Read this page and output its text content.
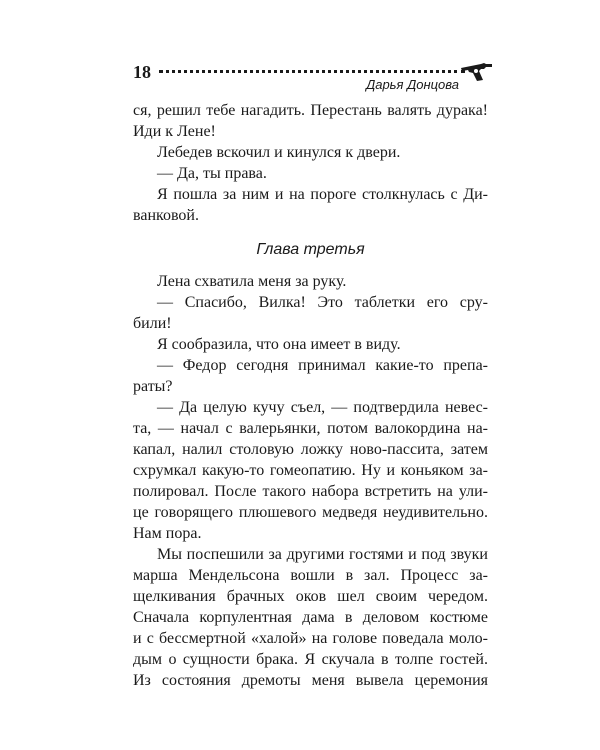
18
Дарья Донцова
ся, решил тебе нагадить. Перестань валять дурака!
Иди к Лене!
Лебедев вскочил и кинулся к двери.
— Да, ты права.
Я пошла за ним и на пороге столкнулась с Ди-
ванковой.
Глава третья
Лена схватила меня за руку.
— Спасибо, Вилка! Это таблетки его сру-
били!
Я сообразила, что она имеет в виду.
— Федор сегодня принимал какие-то препа-
раты?
— Да целую кучу съел, — подтвердила невес-
та, — начал с валерьянки, потом валокордина на-
капал, налил столовую ложку ново-пассита, затем
схрумкал какую-то гомеопатию. Ну и коньяком за-
полировал. После такого набора встретить на ули-
це говорящего плюшевого медведя неудивительно.
Нам пора.
Мы поспешили за другими гостями и под звуки
марша Мендельсона вошли в зал. Процесс за-
щелкивания брачных оков шел своим чередом.
Сначала корпулентная дама в деловом костюме
и с бессмертной «халой» на голове поведала моло-
дым о сущности брака. Я скучала в толпе гостей.
Из состояния дремоты меня вывела церемония
